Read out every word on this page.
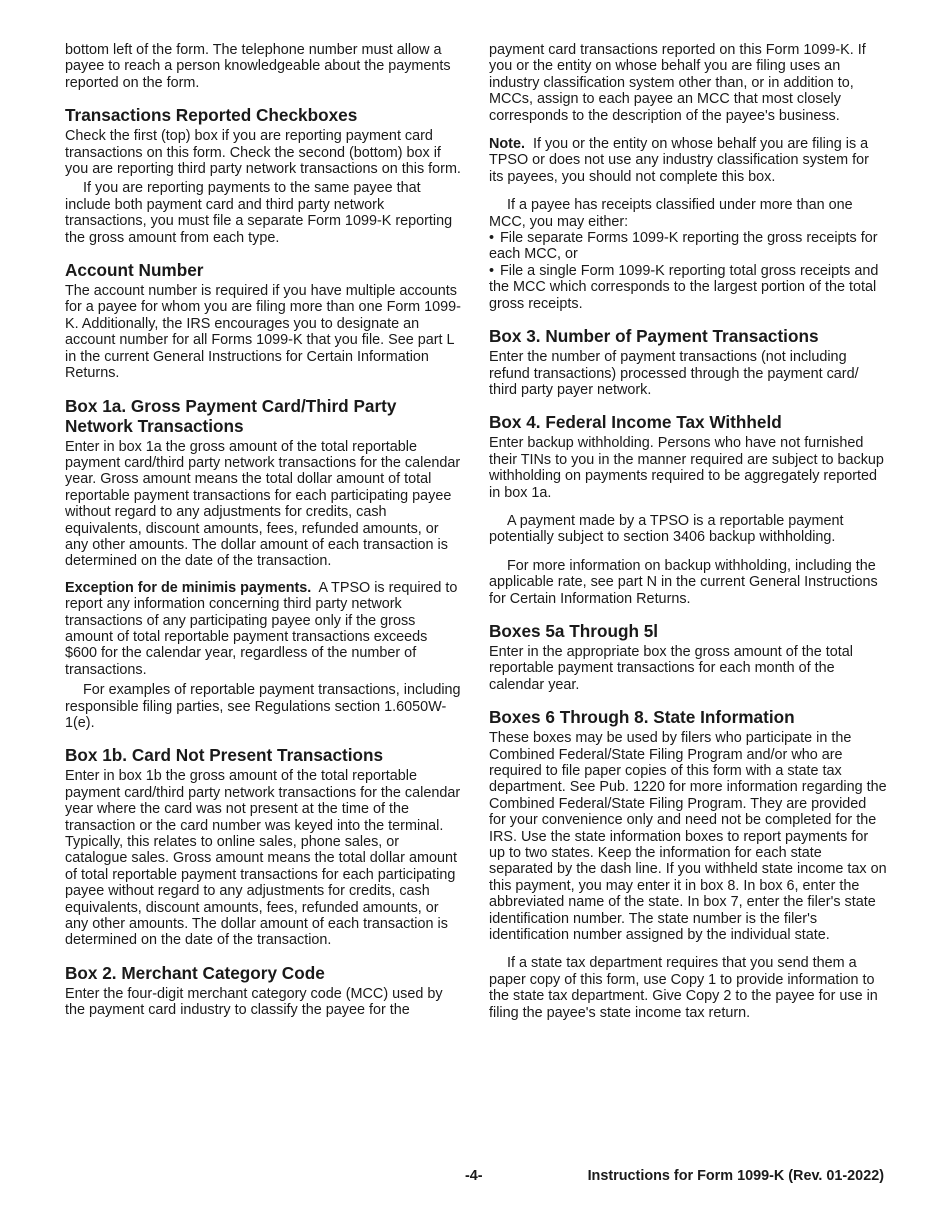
bottom left of the form. The telephone number must allow a payee to reach a person knowledgeable about the payments reported on the form.

Transactions Reported Checkboxes

Check the first (top) box if you are reporting payment card transactions on this form. Check the second (bottom) box if you are reporting third party network transactions on this form.

If you are reporting payments to the same payee that include both payment card and third party network transactions, you must file a separate Form 1099-K reporting the gross amount from each type.

Account Number

The account number is required if you have multiple accounts for a payee for whom you are filing more than one Form 1099-K. Additionally, the IRS encourages you to designate an account number for all Forms 1099-K that you file. See part L in the current General Instructions for Certain Information Returns.

Box 1a. Gross Payment Card/Third Party Network Transactions

Enter in box 1a the gross amount of the total reportable payment card/third party network transactions for the calendar year. Gross amount means the total dollar amount of total reportable payment transactions for each participating payee without regard to any adjustments for credits, cash equivalents, discount amounts, fees, refunded amounts, or any other amounts. The dollar amount of each transaction is determined on the date of the transaction.

Exception for de minimis payments. A TPSO is required to report any information concerning third party network transactions of any participating payee only if the gross amount of total reportable payment transactions exceeds $600 for the calendar year, regardless of the number of transactions.

For examples of reportable payment transactions, including responsible filing parties, see Regulations section 1.6050W-1(e).

Box 1b. Card Not Present Transactions

Enter in box 1b the gross amount of the total reportable payment card/third party network transactions for the calendar year where the card was not present at the time of the transaction or the card number was keyed into the terminal. Typically, this relates to online sales, phone sales, or catalogue sales. Gross amount means the total dollar amount of total reportable payment transactions for each participating payee without regard to any adjustments for credits, cash equivalents, discount amounts, fees, refunded amounts, or any other amounts. The dollar amount of each transaction is determined on the date of the transaction.

Box 2. Merchant Category Code

Enter the four-digit merchant category code (MCC) used by the payment card industry to classify the payee for the

payment card transactions reported on this Form 1099-K. If you or the entity on whose behalf you are filing uses an industry classification system other than, or in addition to, MCCs, assign to each payee an MCC that most closely corresponds to the description of the payee's business.

Note. If you or the entity on whose behalf you are filing is a TPSO or does not use any industry classification system for its payees, you should not complete this box.

If a payee has receipts classified under more than one MCC, you may either:

• File separate Forms 1099-K reporting the gross receipts for each MCC, or

• File a single Form 1099-K reporting total gross receipts and the MCC which corresponds to the largest portion of the total gross receipts.

Box 3. Number of Payment Transactions

Enter the number of payment transactions (not including refund transactions) processed through the payment card/ third party payer network.

Box 4. Federal Income Tax Withheld

Enter backup withholding. Persons who have not furnished their TINs to you in the manner required are subject to backup withholding on payments required to be aggregately reported in box 1a.

A payment made by a TPSO is a reportable payment potentially subject to section 3406 backup withholding.

For more information on backup withholding, including the applicable rate, see part N in the current General Instructions for Certain Information Returns.

Boxes 5a Through 5l

Enter in the appropriate box the gross amount of the total reportable payment transactions for each month of the calendar year.

Boxes 6 Through 8. State Information

These boxes may be used by filers who participate in the Combined Federal/State Filing Program and/or who are required to file paper copies of this form with a state tax department. See Pub. 1220 for more information regarding the Combined Federal/State Filing Program. They are provided for your convenience only and need not be completed for the IRS. Use the state information boxes to report payments for up to two states. Keep the information for each state separated by the dash line. If you withheld state income tax on this payment, you may enter it in box 8. In box 6, enter the abbreviated name of the state. In box 7, enter the filer's state identification number. The state number is the filer's identification number assigned by the individual state.

If a state tax department requires that you send them a paper copy of this form, use Copy 1 to provide information to the state tax department. Give Copy 2 to the payee for use in filing the payee's state income tax return.

-4-	Instructions for Form 1099-K (Rev. 01-2022)
